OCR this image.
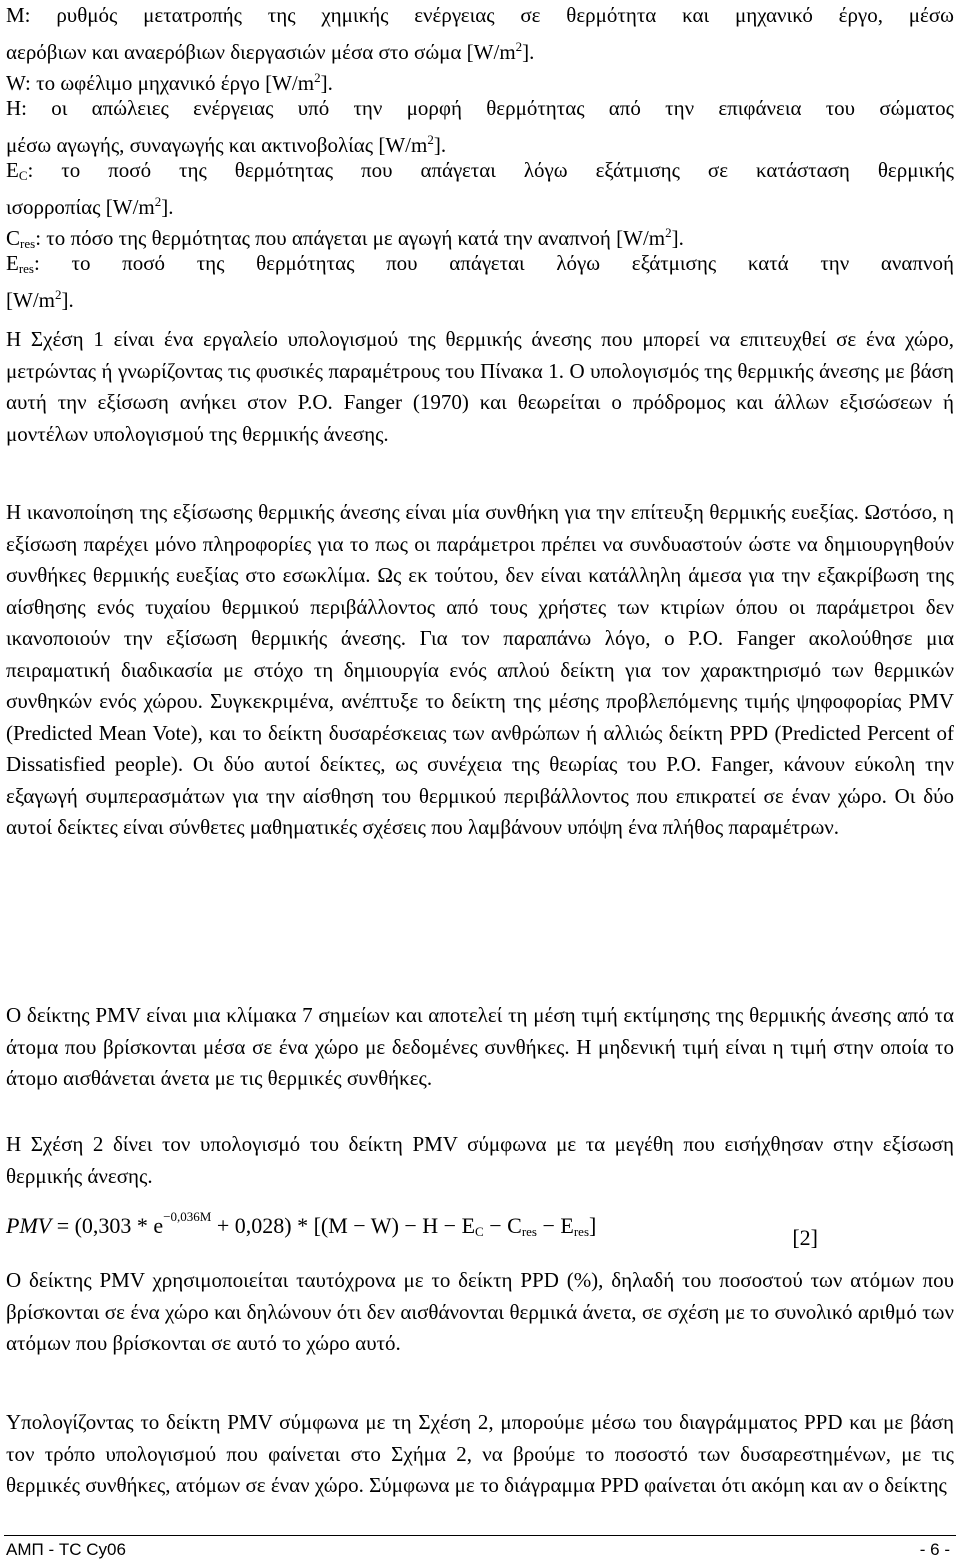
Μ: ρυθμός μετατροπής της χημικής ενέργειας σε θερμότητα και μηχανικό έργο, μέσω
αερόβιων και αναερόβιων διεργασιών μέσα στο σώμα $[W/m^2]$.
W: το ωφέλιμο μηχανικό έργο $[W/m^2]$.
Η: οι απώλειες ενέργειας υπό την μορφή θερμότητας από την επιφάνεια του σώματος
μέσω αγωγής, συναγωγής και ακτινοβολίας $[W/m^2]$.
$E_C$: το ποσό της θερμότητας που απάγεται λόγω εξάτμισης σε κατάσταση θερμικής
ισορροπίας $[W/m^2]$.
$C_{res}$: το πόσο της θερμότητας που απάγεται με αγωγή κατά την αναπνοή $[W/m^2]$.
$E_{res}$: το ποσό της θερμότητας που απάγεται λόγω εξάτμισης κατά την αναπνοή
$[W/m^2]$.

Η Σχέση 1 είναι ένα εργαλείο υπολογισμού της θερμικής άνεσης που μπορεί να επιτευχθεί σε ένα χώρο, μετρώντας ή γνωρίζοντας τις φυσικές παραμέτρους του Πίνακα 1. Ο υπολογισμός της θερμικής άνεσης με βάση αυτή την εξίσωση ανήκει στον P.O. Fanger (1970) και θεωρείται ο πρόδρομος και άλλων εξισώσεων ή μοντέλων υπολογισμού της θερμικής άνεσης.

Η ικανοποίηση της εξίσωσης θερμικής άνεσης είναι μία συνθήκη για την επίτευξη θερμικής ευεξίας. Ωστόσο, η εξίσωση παρέχει μόνο πληροφορίες για το πως οι παράμετροι πρέπει να συνδυαστούν ώστε να δημιουργηθούν συνθήκες θερμικής ευεξίας στο εσωκλίμα. Ως εκ τούτου, δεν είναι κατάλληλη άμεσα για την εξακρίβωση της αίσθησης ενός τυχαίου θερμικού περιβάλλοντος από τους χρήστες των κτιρίων όπου οι παράμετροι δεν ικανοποιούν την εξίσωση θερμικής άνεσης. Για τον παραπάνω λόγο, ο P.O. Fanger ακολούθησε μια πειραματική διαδικασία με στόχο τη δημιουργία ενός απλού δείκτη για τον χαρακτηρισμό των θερμικών συνθηκών ενός χώρου. Συγκεκριμένα, ανέπτυξε το δείκτη της μέσης προβλεπόμενης τιμής ψηφοφορίας PMV (Predicted Mean Vote), και το δείκτη δυσαρέσκειας των ανθρώπων ή αλλιώς δείκτη PPD (Predicted Percent of Dissatisfied people). Οι δύο αυτοί δείκτες, ως συνέχεια της θεωρίας του P.O. Fanger, κάνουν εύκολη την εξαγωγή συμπερασμάτων για την αίσθηση του θερμικού περιβάλλοντος που επικρατεί σε έναν χώρο. Οι δύο αυτοί δείκτες είναι σύνθετες μαθηματικές σχέσεις που λαμβάνουν υπόψη ένα πλήθος παραμέτρων.

Ο δείκτης PMV είναι μια κλίμακα 7 σημείων και αποτελεί τη μέση τιμή εκτίμησης της θερμικής άνεσης από τα άτομα που βρίσκονται μέσα σε ένα χώρο με δεδομένες συνθήκες. Η μηδενική τιμή είναι η τιμή στην οποία το άτομο αισθάνεται άνετα με τις θερμικές συνθήκες.

Η Σχέση 2 δίνει τον υπολογισμό του δείκτη PMV σύμφωνα με τα μεγέθη που εισήχθησαν στην εξίσωση θερμικής άνεσης.

PMV = $(0,303 * e^{-0,036M} + 0,028) * [(M - W) - H - E_C - C_{res} - E_{res}]$	[2]

Ο δείκτης PMV χρησιμοποιείται ταυτόχρονα με το δείκτη PPD (%), δηλαδή του ποσοστού των ατόμων που βρίσκονται σε ένα χώρο και δηλώνουν ότι δεν αισθάνονται θερμικά άνετα, σε σχέση με το συνολικό αριθμό των ατόμων που βρίσκονται σε αυτό το χώρο αυτό.

Υπολογίζοντας το δείκτη PMV σύμφωνα με τη Σχέση 2, μπορούμε μέσω του διαγράμματος PPD και με βάση τον τρόπο υπολογισμού που φαίνεται στο Σχήμα 2, να βρούμε το ποσοστό των δυσαρεστημένων, με τις θερμικές συνθήκες, ατόμων σε έναν χώρο. Σύμφωνα με το διάγραμμα PPD φαίνεται ότι ακόμη και αν ο δείκτης

ΑΜΠ - TC Cy06	- 6 -
